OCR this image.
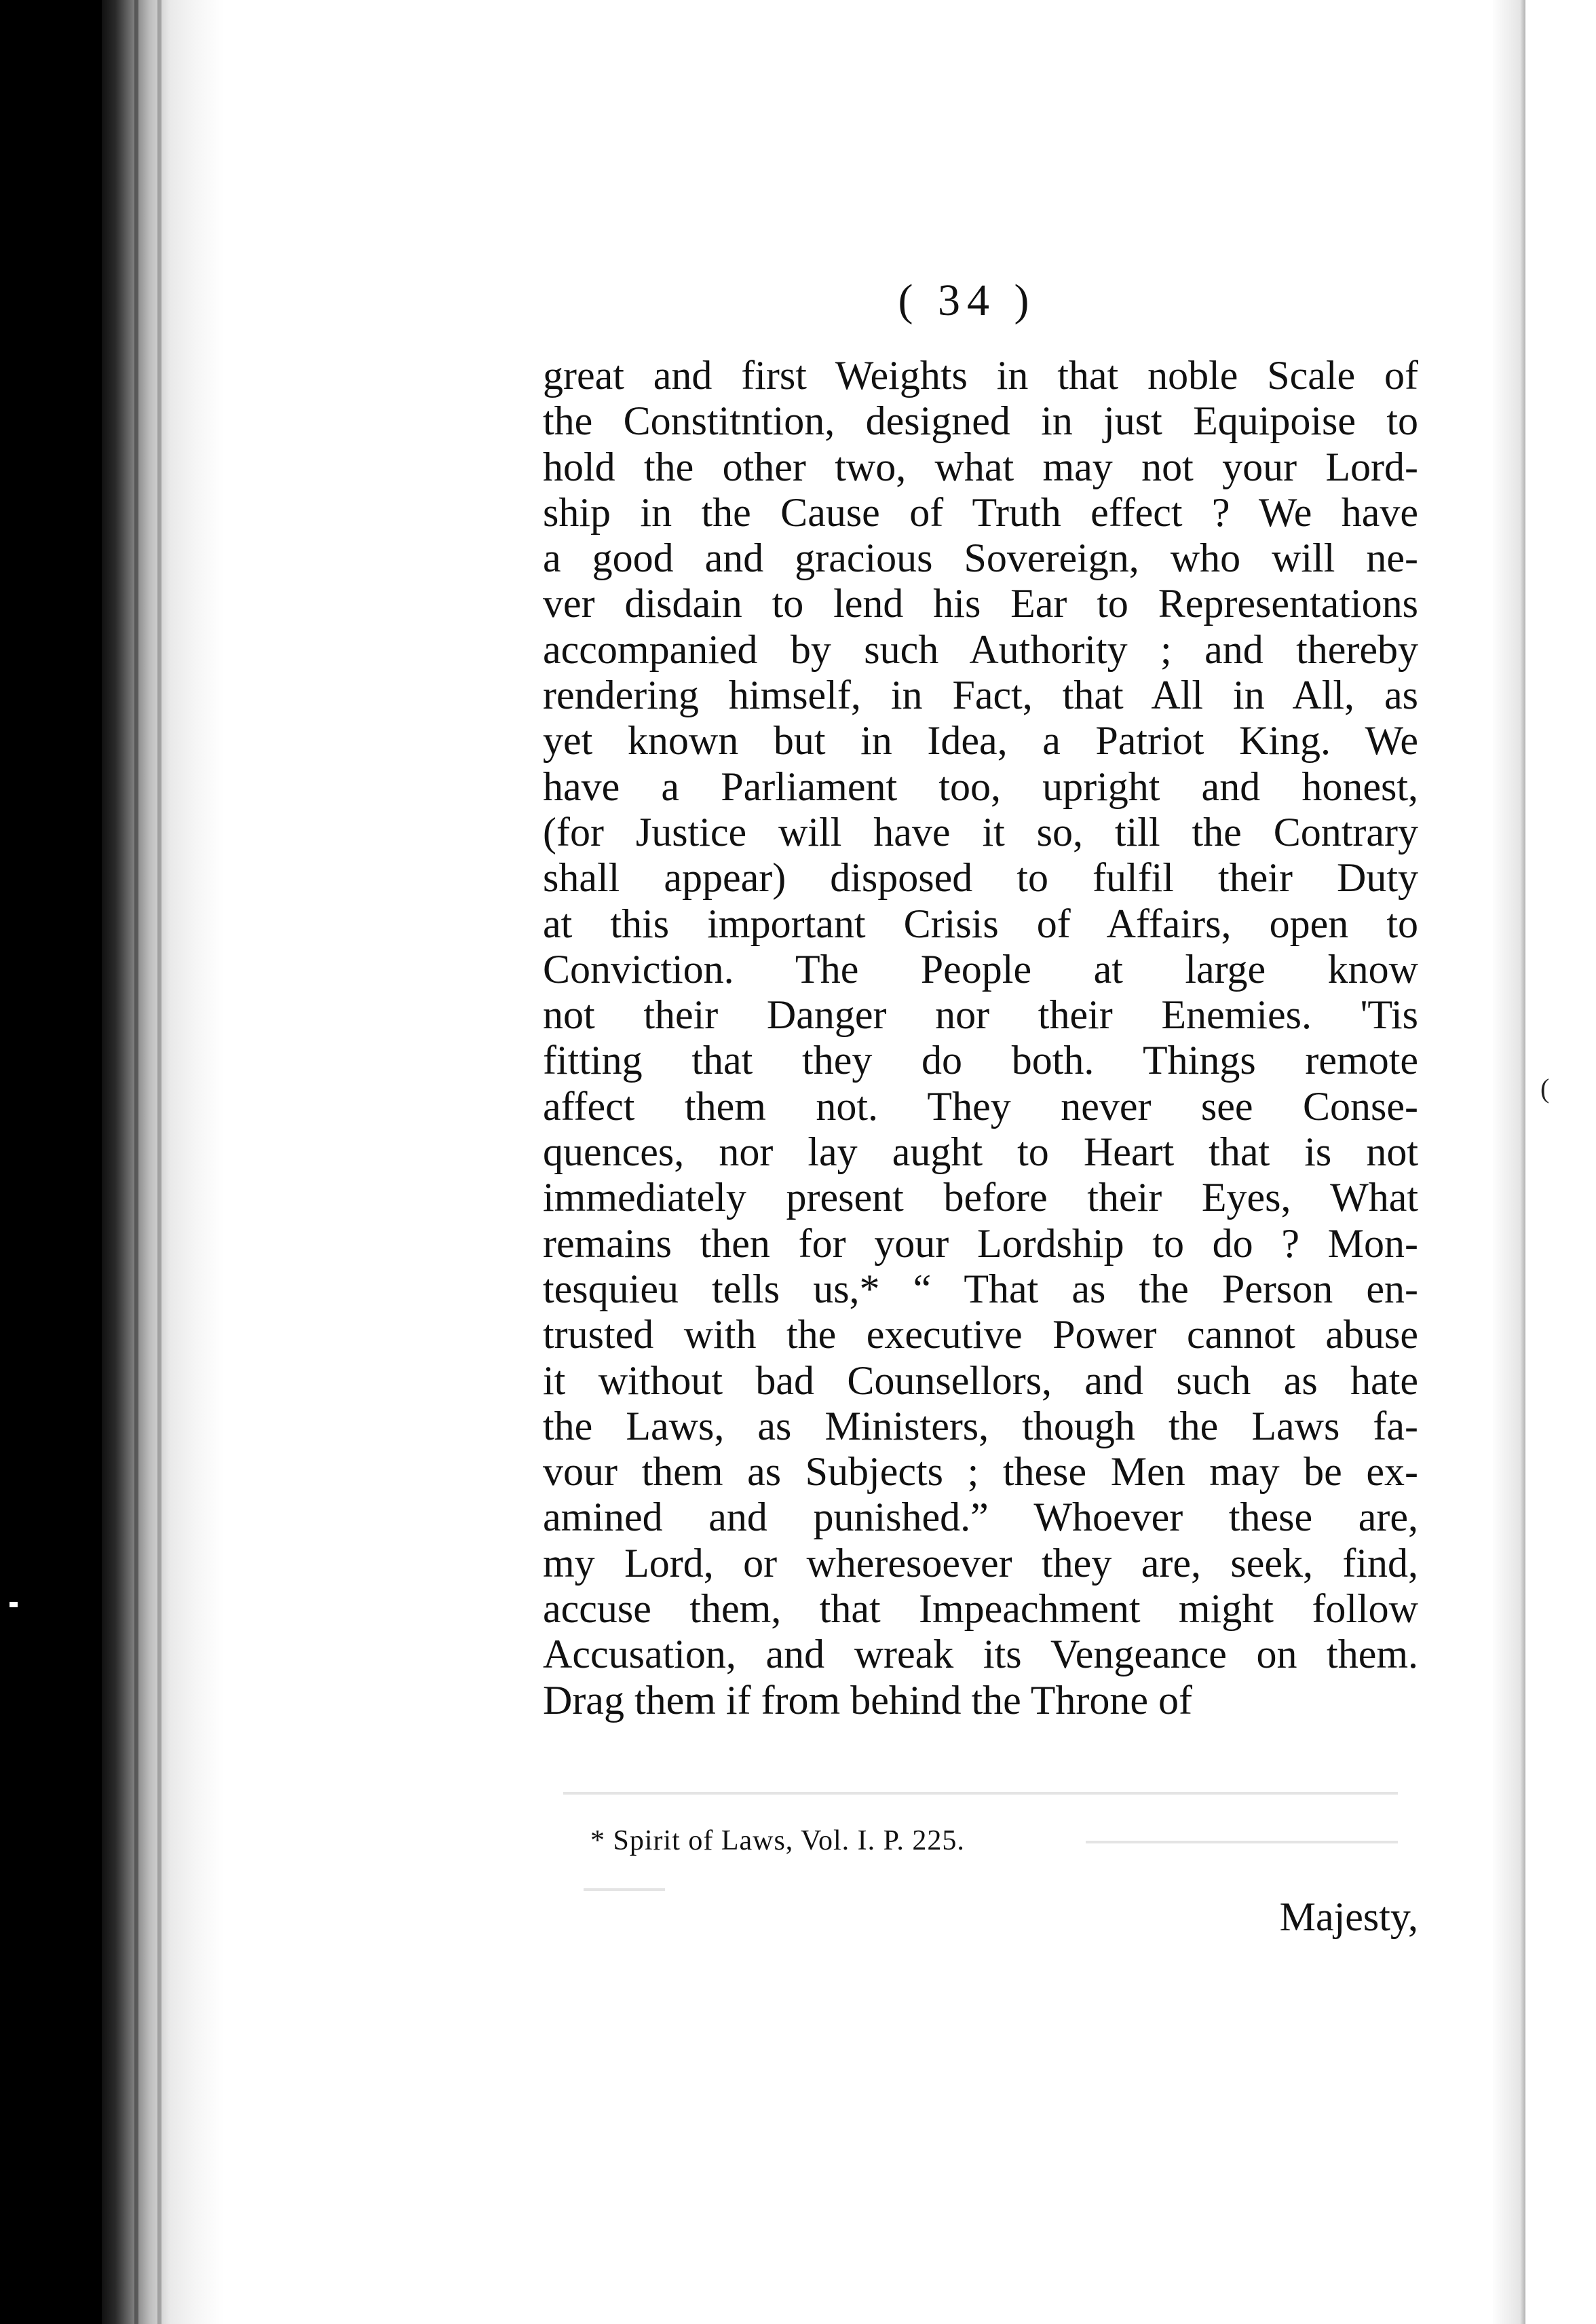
( 34 )
great and first Weights in that noble Scale of
the Constitntion, designed in just Equipoise to
hold the other two, what may not your Lord-
ship in the Cause of Truth effect ? We have
a good and gracious Sovereign, who will ne-
ver disdain to lend his Ear to Representations
accompanied by such Authority ; and thereby
rendering himself, in Fact, that All in All, as
yet known but in Idea, a Patriot King. We
have a Parliament too, upright and honest,
(for Justice will have it so, till the Contrary
shall appear) disposed to fulfil their Duty
at this important Crisis of Affairs, open to
Conviction. The People at large know
not their Danger nor their Enemies. 'Tis
fitting that they do both. Things remote
affect them not. They never see Conse-
quences, nor lay aught to Heart that is not
immediately present before their Eyes, What
remains then for your Lordship to do ? Mon-
tesquieu tells us,* “ That as the Person en-
trusted with the executive Power cannot abuse
it without bad Counsellors, and such as hate
the Laws, as Ministers, though the Laws fa-
vour them as Subjects ; these Men may be ex-
amined and punished.” Whoever these are,
my Lord, or wheresoever they are, seek, find,
accuse them, that Impeachment might follow
Accusation, and wreak its Vengeance on them.
Drag them if from behind the Throne of
* Spirit of Laws, Vol. I. P. 225.
Majesty,
(
